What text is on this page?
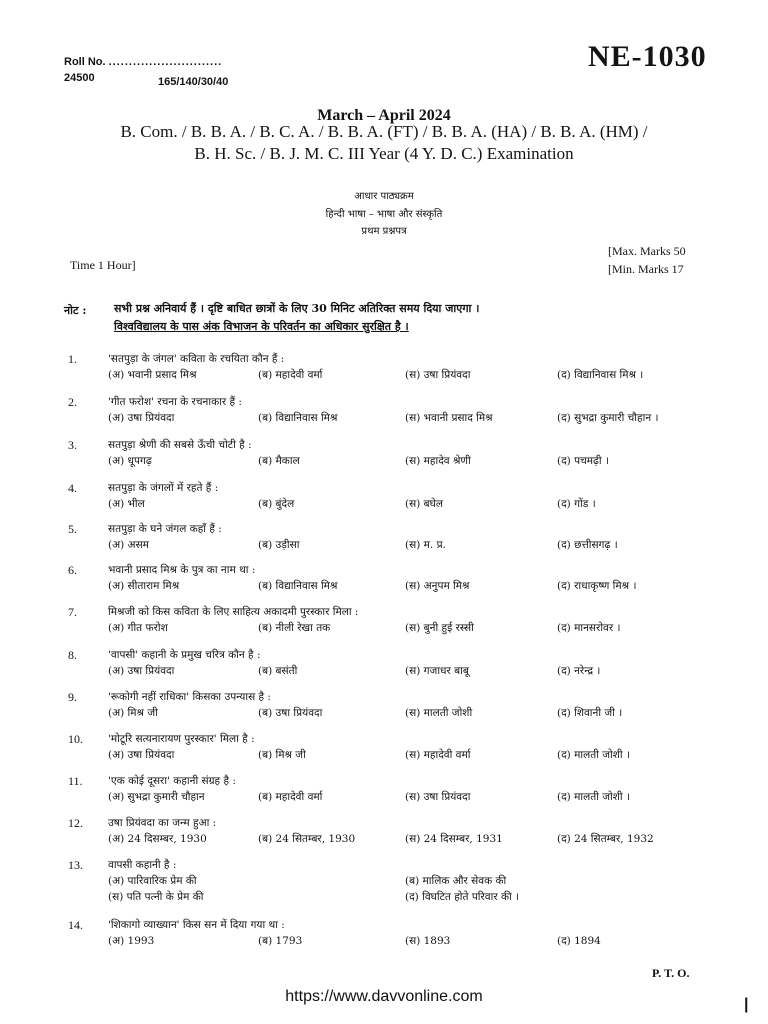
Roll No. ............................
24500	165/140/30/40
NE-1030
March – April 2024
B. Com. / B. B. A. / B. C. A. / B. B. A. (FT) / B. B. A. (HA) / B. B. A. (HM) /
B. H. Sc. / B. J. M. C. III Year (4 Y. D. C.) Examination
आधार पाठ्यक्रम
हिन्दी भाषा – भाषा और संस्कृति
प्रथम प्रश्नपत्र
Time 1 Hour]
[Max. Marks 50
[Min. Marks 17
नोट :	सभी प्रश्न अनिवार्य हैं । दृष्टि बाधित छात्रों के लिए 30 मिनिट अतिरिक्त समय दिया जाएगा ।
विश्वविद्यालय के पास अंक विभाजन के परिवर्तन का अधिकार सुरक्षित है ।
1.	'सतपुड़ा के जंगल' कविता के रचयिता कौन हैं :
(अ) भवानी प्रसाद मिश्र	(ब) महादेवी वर्मा	(स) उषा प्रियंवदा	(द) विद्यानिवास मिश्र ।
2.	'गीत फरोश' रचना के रचनाकार हैं :
(अ) उषा प्रियंवदा	(ब) विद्यानिवास मिश्र	(स) भवानी प्रसाद मिश्र	(द) सुभद्रा कुमारी चौहान ।
3.	सतपुड़ा श्रेणी की सबसे ऊँची चोटी है :
(अ) धूपगढ़	(ब) मैकाल	(स) महादेव श्रेणी	(द) पचमढ़ी ।
4.	सतपुड़ा के जंगलों में रहते हैं :
(अ) भील	(ब) बुंदेल	(स) बघेल	(द) गोंड ।
5.	सतपुड़ा के घने जंगल कहाँ हैं :
(अ) असम	(ब) उड़ीसा	(स) म. प्र.	(द) छत्तीसगढ़ ।
6.	भवानी प्रसाद मिश्र के पुत्र का नाम था :
(अ) सीताराम मिश्र	(ब) विद्यानिवास मिश्र	(स) अनुपम मिश्र	(द) राधाकृष्ण मिश्र ।
7.	मिश्रजी को किस कविता के लिए साहित्य अकादमी पुरस्कार मिला :
(अ) गीत फरोश	(ब) नीली रेखा तक	(स) बुनी हुई रस्सी	(द) मानसरोवर ।
8.	'वापसी' कहानी के प्रमुख चरित्र कौन है :
(अ) उषा प्रियंवदा	(ब) बसंती	(स) गजाधर बाबू	(द) नरेन्द्र ।
9.	'रूकोगी नहीं राधिका' किसका उपन्यास है :
(अ) मिश्र जी	(ब) उषा प्रियंवदा	(स) मालती जोशी	(द) शिवानी जी ।
10. 'मोटूरि सत्यनारायण पुरस्कार' मिला है :
(अ) उषा प्रियंवदा	(ब) मिश्र जी	(स) महादेवी वर्मा	(द) मालती जोशी ।
11. 'एक कोई दूसरा' कहानी संग्रह है :
(अ) सुभद्रा कुमारी चौहान	(ब) महादेवी वर्मा	(स) उषा प्रियंवदा	(द) मालती जोशी ।
12. उषा प्रियंवदा का जन्म हुआ :
(अ) 24 दिसम्बर, 1930	(ब) 24 सितम्बर, 1930	(स) 24 दिसम्बर, 1931	(द) 24 सितम्बर, 1932
13. वापसी कहानी है :
(अ) पारिवारिक प्रेम की	(ब) मालिक और सेवक की
(स) पति पत्नी के प्रेम की	(द) विघटित होते परिवार की ।
14. 'शिकागो व्याख्यान' किस सन में दिया गया था :
(अ) 1993	(ब) 1793	(स) 1893	(द) 1894
P. T. O.
https://www.davvonline.com	|
